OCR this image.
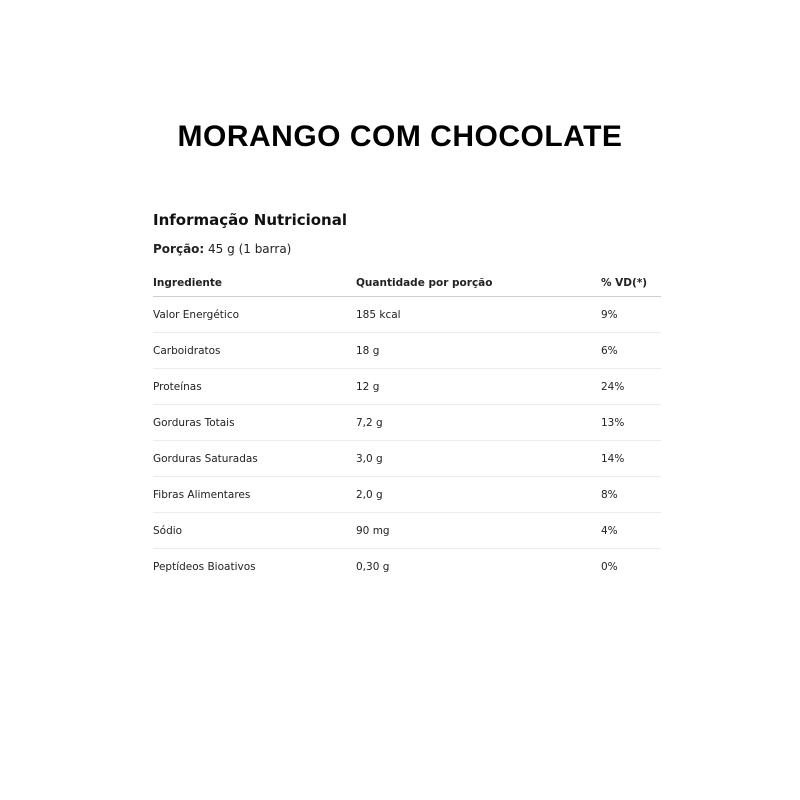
MORANGO COM CHOCOLATE
Informação Nutricional
Porção: 45 g (1 barra)
Ingrediente	Quantidade por porção	% VD(*)
Valor Energético	185 kcal	9%
Carboidratos	18 g	6%
Proteínas	12 g	24%
Gorduras Totais	7,2 g	13%
Gorduras Saturadas	3,0 g	14%
Fibras Alimentares	2,0 g	8%
Sódio	90 mg	4%
Peptídeos Bioativos	0,30 g	0%
